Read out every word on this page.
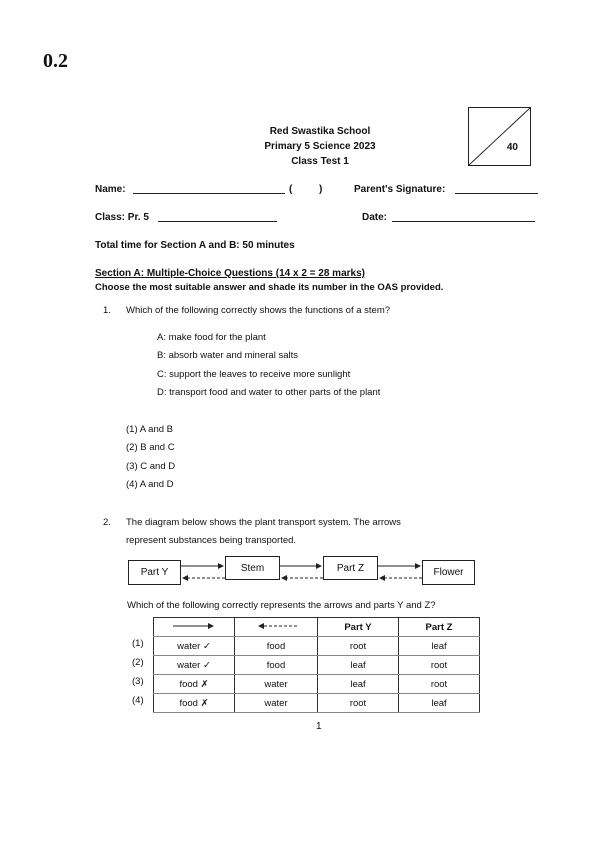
0.2
Red Swastika School
Primary 5 Science 2023
Class Test 1
40
Name:	(	)	Parent's Signature:
Class: Pr. 5	Date:
Total time for Section A and B: 50 minutes
Section A: Multiple-Choice Questions (14 x 2 = 28 marks)
Choose the most suitable answer and shade its number in the OAS provided.
1. Which of the following correctly shows the functions of a stem?
A: make food for the plant
B: absorb water and mineral salts
C: support the leaves to receive more sunlight
D: transport food and water to other parts of the plant
(1) A and B
(2) B and C
(3) C and D
(4) A and D
2. The diagram below shows the plant transport system. The arrows
represent substances being transported.
Part Y	Stem	Part Z	Flower
Which of the following correctly represents the arrows and parts Y and Z?
		Part Y	Part Z
water ✓	food	root	leaf
water ✓	food	leaf	root
food ✗	water	leaf	root
food ✗	water	root	leaf
(1)
(2)
(3)
(4)
1
